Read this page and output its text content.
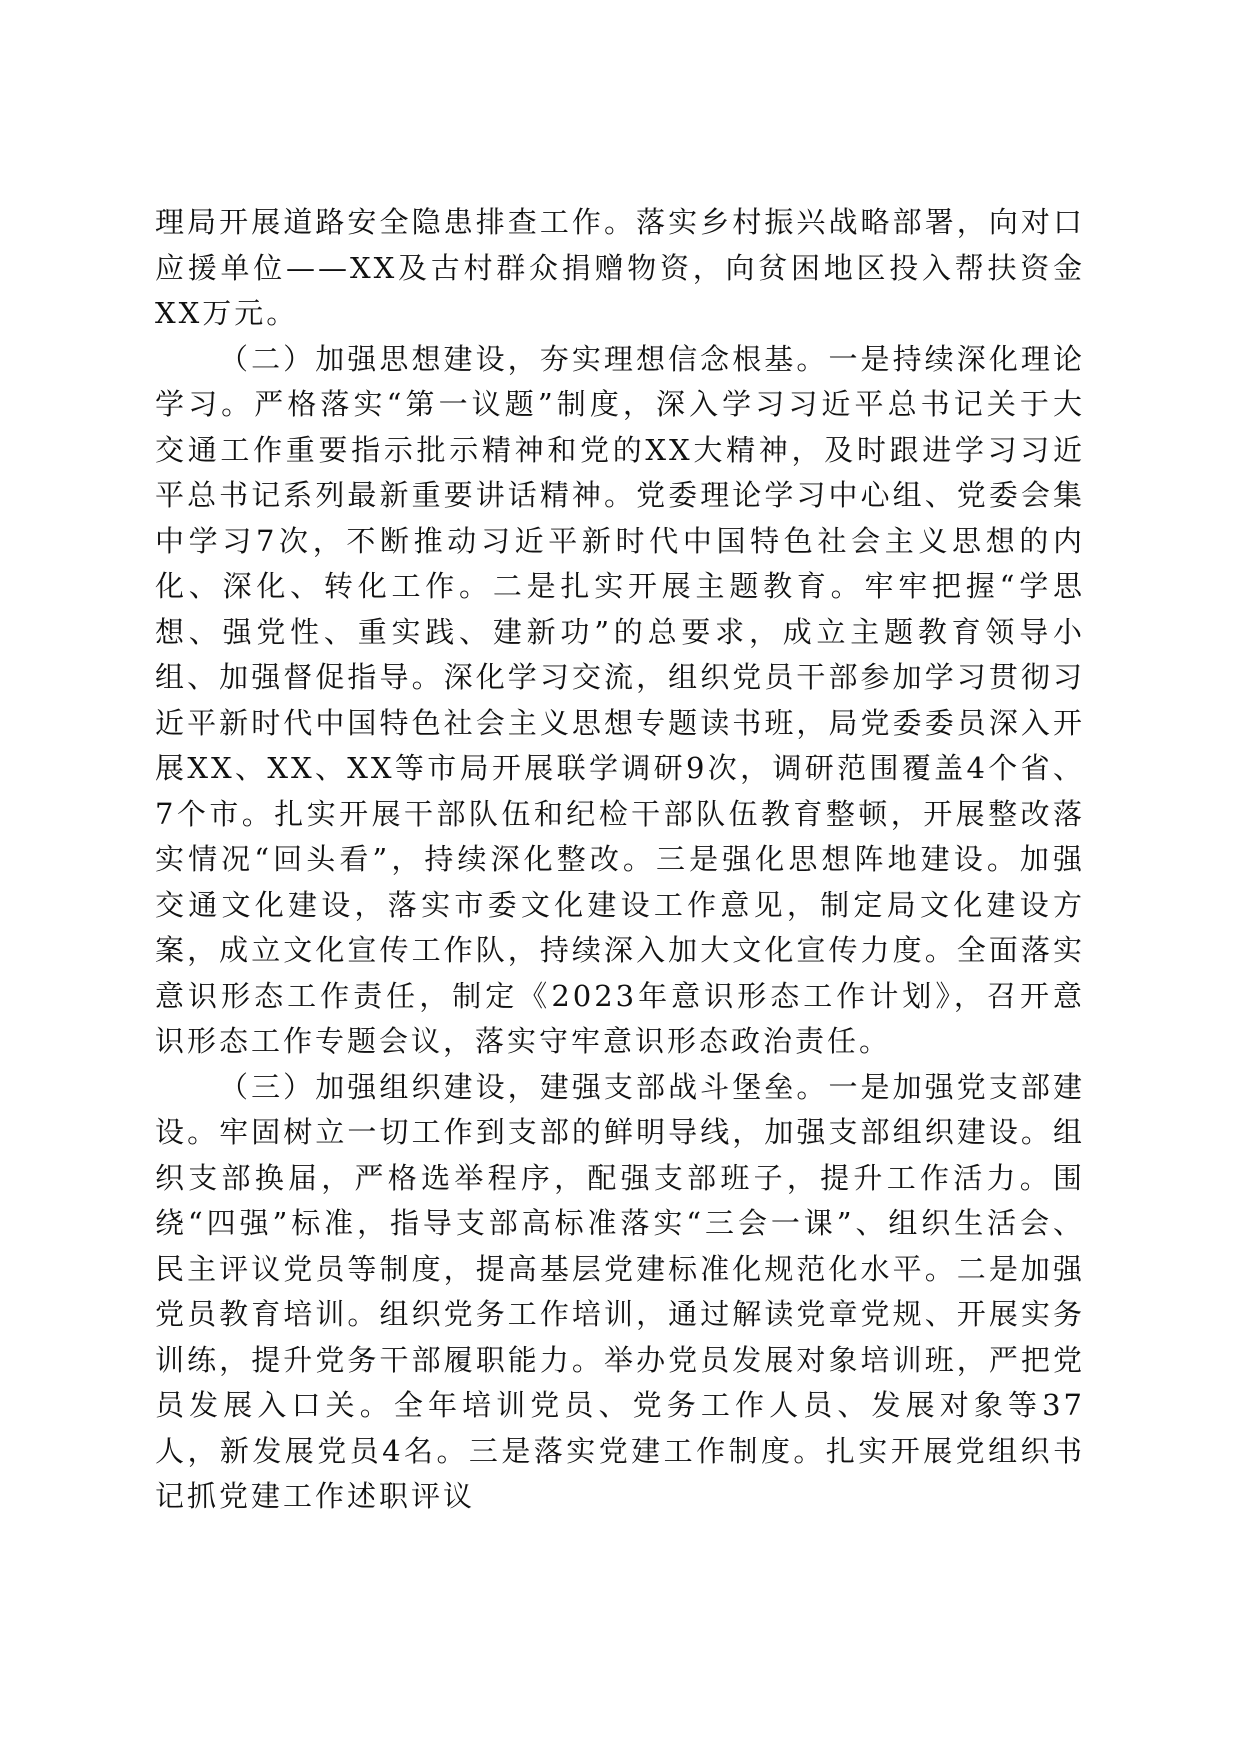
理局开展道路安全隐患排查工作。落实乡村振兴战略部署，向对口应援单位——XX及古村群众捐赠物资，向贫困地区投入帮扶资金XX万元。

（二）加强思想建设，夯实理想信念根基。一是持续深化理论学习。严格落实“第一议题”制度，深入学习习近平总书记关于大交通工作重要指示批示精神和党的XX大精神，及时跟进学习习近平总书记系列最新重要讲话精神。党委理论学习中心组、党委会集中学习7次，不断推动习近平新时代中国特色社会主义思想的内化、深化、转化工作。二是扎实开展主题教育。牢牢把握“学思想、强党性、重实践、建新功”的总要求，成立主题教育领导小组、加强督促指导。深化学习交流，组织党员干部参加学习贯彻习近平新时代中国特色社会主义思想专题读书班，局党委委员深入开展XX、XX、XX等市局开展联学调研9次，调研范围覆盖4个省、7个市。扎实开展干部队伍和纪检干部队伍教育整顿，开展整改落实情况“回头看”，持续深化整改。三是强化思想阵地建设。加强交通文化建设，落实市委文化建设工作意见，制定局文化建设方案，成立文化宣传工作队，持续深入加大文化宣传力度。全面落实意识形态工作责任，制定《2023年意识形态工作计划》，召开意识形态工作专题会议，落实守牢意识形态政治责任。

（三）加强组织建设，建强支部战斗堡垒。一是加强党支部建设。牢固树立一切工作到支部的鲜明导线，加强支部组织建设。组织支部换届，严格选举程序，配强支部班子，提升工作活力。围绕“四强”标准，指导支部高标准落实“三会一课”、组织生活会、民主评议党员等制度，提高基层党建标准化规范化水平。二是加强党员教育培训。组织党务工作培训，通过解读党章党规、开展实务训练，提升党务干部履职能力。举办党员发展对象培训班，严把党员发展入口关。全年培训党员、党务工作人员、发展对象等37人，新发展党员4名。三是落实党建工作制度。扎实开展党组织书记抓党建工作述职评议
